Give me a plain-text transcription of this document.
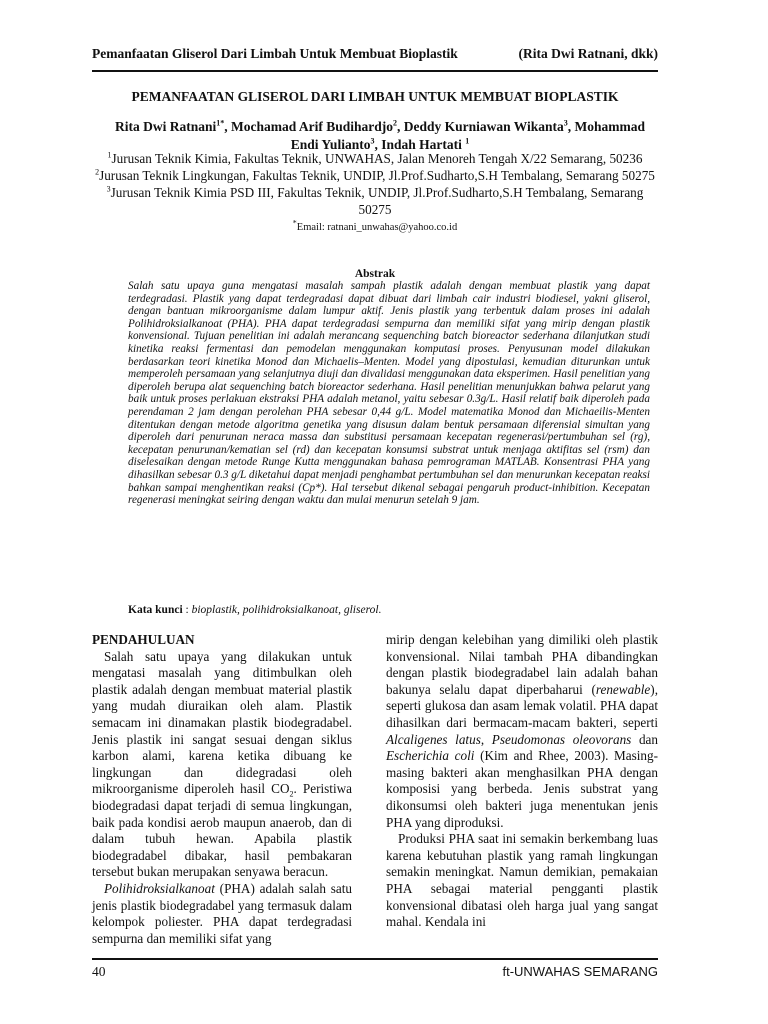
Pemanfaatan Gliserol Dari Limbah Untuk Membuat Bioplastik	(Rita Dwi Ratnani, dkk)
PEMANFAATAN GLISEROL DARI LIMBAH UNTUK MEMBUAT BIOPLASTIK
Rita Dwi Ratnani$^{1*}$, Mochamad Arif Budihardjo$^2$, Deddy Kurniawan Wikanta$^3$, Mohammad Endi Yulianto$^3$, Indah Hartati $^1$

$^1$Jurusan Teknik Kimia, Fakultas Teknik, UNWAHAS, Jalan Menoreh Tengah X/22 Semarang, 50236

$^2$Jurusan Teknik Lingkungan, Fakultas Teknik, UNDIP, Jl.Prof.Sudharto,S.H Tembalang, Semarang 50275

$^3$Jurusan Teknik Kimia PSD III, Fakultas Teknik, UNDIP, Jl.Prof.Sudharto,S.H Tembalang, Semarang 50275

*Email: ratnani_unwahas@yahoo.co.id

Abstrak

Salah satu upaya guna mengatasi masalah sampah plastik adalah dengan membuat plastik yang dapat terdegradasi. Plastik yang dapat terdegradasi dapat dibuat dari limbah cair industri biodiesel, yakni gliserol, dengan bantuan mikroorganisme dalam lumpur aktif. Jenis plastik yang terbentuk dalam proses ini adalah Polihidroksialkanoat (PHA). PHA dapat terdegradasi sempurna dan memiliki sifat yang mirip dengan plastik konvensional. Tujuan penelitian ini adalah merancang sequenching batch bioreactor sederhana dilanjutkan studi kinetika reaksi fermentasi dan pemodelan menggunakan komputasi proses. Penyusunan model dilakukan berdasarkan teori kinetika Monod dan Michaelis–Menten. Model yang dipostulasi, kemudian diturunkan untuk memperoleh persamaan yang selanjutnya diuji dan divalidasi menggunakan data eksperimen. Hasil penelitian yang diperoleh berupa alat sequenching batch bioreactor sederhana. Hasil penelitian menunjukkan bahwa pelarut yang baik untuk proses perlakuan ekstraksi PHA adalah metanol, yaitu sebesar 0.3g/L. Hasil relatif baik diperoleh pada perendaman 2 jam dengan perolehan PHA sebesar 0,44 g/L. Model matematika Monod dan Michaeilis-Menten ditentukan dengan metode algoritma genetika yang disusun dalam bentuk persamaan diferensial simultan yang diperoleh dari penurunan neraca massa dan substitusi persamaan kecepatan regenerasi/pertumbuhan sel (rg), kecepatan penurunan/kematian sel (rd) dan kecepatan konsumsi substrat untuk menjaga aktifitas sel (rsm) dan diselesaikan dengan metode Runge Kutta menggunakan bahasa pemrograman MATLAB. Konsentrasi PHA yang dihasilkan sebesar 0.3 g/L diketahui dapat menjadi penghambat pertumbuhan sel dan menurunkan kecepatan reaksi bahkan sampai menghentikan reaksi (Cp*). Hal tersebut dikenal sebagai pengaruh product-inhibition. Kecepatan regenerasi meningkat seiring dengan waktu dan mulai menurun setelah 9 jam.

Kata kunci : bioplastik, polihidroksialkanoat, gliserol.

PENDAHULUAN

Salah satu upaya yang dilakukan untuk mengatasi masalah yang ditimbulkan oleh plastik adalah dengan membuat material plastik yang mudah diuraikan oleh alam. Plastik semacam ini dinamakan plastik biodegradabel. Jenis plastik ini sangat sesuai dengan siklus karbon alami, karena ketika dibuang ke lingkungan dan didegradasi oleh mikroorganisme diperoleh hasil $CO_2$. Peristiwa biodegradasi dapat terjadi di semua lingkungan, baik pada kondisi aerob maupun anaerob, dan di dalam tubuh hewan. Apabila plastik biodegradabel dibakar, hasil pembakaran tersebut bukan merupakan senyawa beracun.

Polihidroksialkanoat (PHA) adalah salah satu jenis plastik biodegradabel yang termasuk dalam kelompok poliester. PHA dapat terdegradasi sempurna dan memiliki sifat yang

mirip dengan kelebihan yang dimiliki oleh plastik konvensional. Nilai tambah PHA dibandingkan dengan plastik biodegradabel lain adalah bahan bakunya selalu dapat diperbaharui (renewable), seperti glukosa dan asam lemak volatil. PHA dapat dihasilkan dari bermacam-macam bakteri, seperti Alcaligenes latus, Pseudomonas oleovorans dan Escherichia coli (Kim and Rhee, 2003). Masing-masing bakteri akan menghasilkan PHA dengan komposisi yang berbeda. Jenis substrat yang dikonsumsi oleh bakteri juga menentukan jenis PHA yang diproduksi.

Produksi PHA saat ini semakin berkembang luas karena kebutuhan plastik yang ramah lingkungan semakin meningkat. Namun demikian, pemakaian PHA sebagai material pengganti plastik konvensional dibatasi oleh harga jual yang sangat mahal. Kendala ini

40	ft-UNWAHAS SEMARANG
